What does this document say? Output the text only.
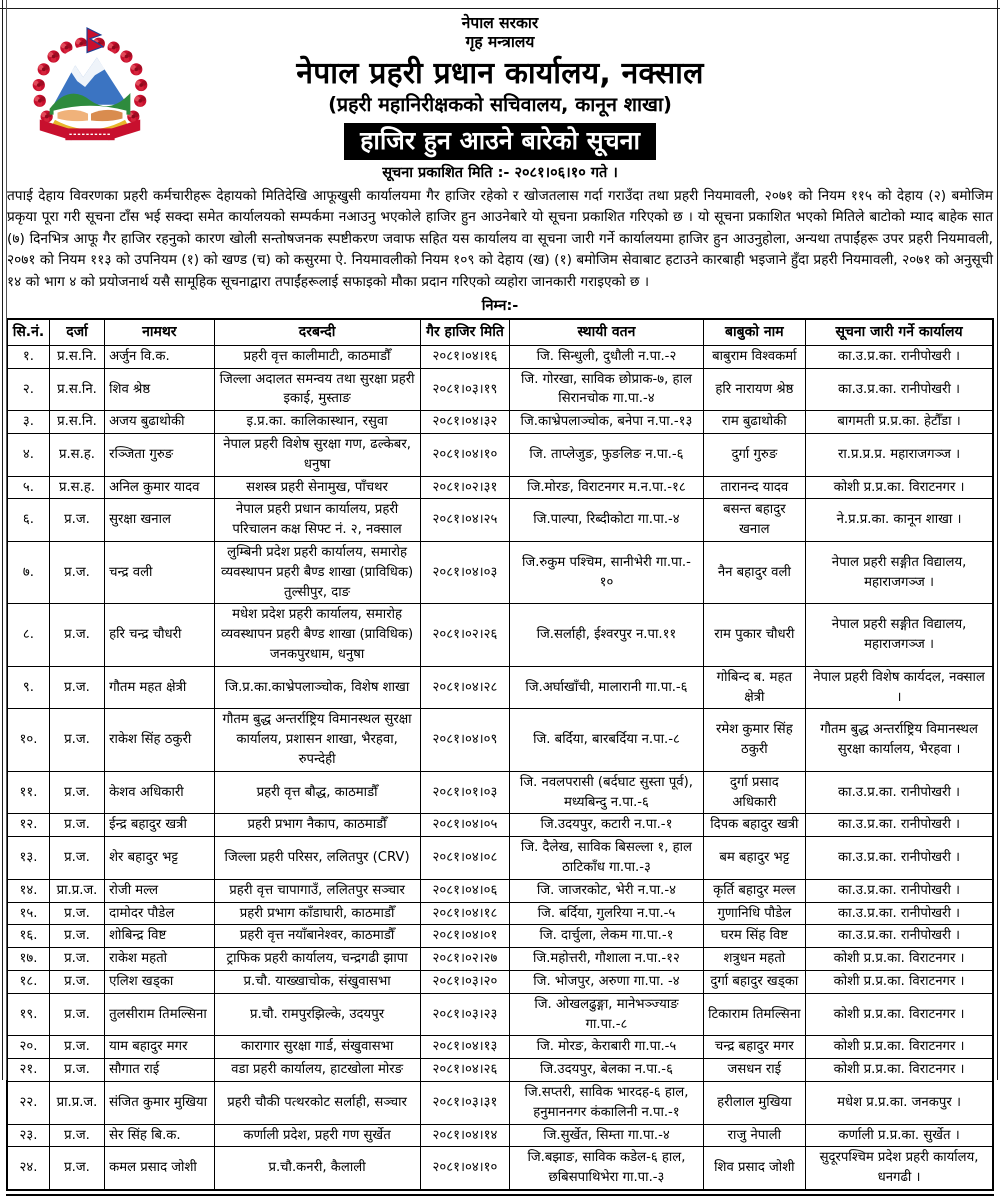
नेपाल सरकार
गृह मन्त्रालय
नेपाल प्रहरी प्रधान कार्यालय, नक्साल
(प्रहरी महानिरीक्षकको सचिवालय, कानून शाखा)
हाजिर हुन आउने बारेको सूचना
सूचना प्रकाशित मिति :- २०८१।०६।१० गते ।
तपाई देहाय विवरणका प्रहरी कर्मचारीहरू देहायको मितिदेखि आफूखुसी कार्यालयमा गैर हाजिर रहेको र खोजतलास गर्दा गराउँदा तथा प्रहरी नियमावली, २०७१ को नियम ११५ को देहाय (२) बमोजिम प्रकृया पूरा गरी सूचना टाँस भई सक्दा समेत कार्यालयको सम्पर्कमा नआउनु भएकोले हाजिर हुन आउनेबारे यो सूचना प्रकाशित गरिएको छ । यो सूचना प्रकाशित भएको मितिले बाटोको म्याद बाहेक सात (७) दिनभित्र आफू गैर हाजिर रहनुको कारण खोली सन्तोषजनक स्पष्टीकरण जवाफ सहित यस कार्यालय वा सूचना जारी गर्ने कार्यालयमा हाजिर हुन आउनुहोला, अन्यथा तपाईंहरू उपर प्रहरी नियमावली, २०७१ को नियम ११३ को उपनियम (१) को खण्ड (च) को कसुरमा ऐ. नियमावलीको नियम १०९ को देहाय (ख) (१) बमोजिम सेवाबाट हटाउने कारबाही भइजाने हुँदा प्रहरी नियमावली, २०७१ को अनुसूची १४ को भाग ४ को प्रयोजनार्थ यसै सामूहिक सूचनाद्वारा तपाईंहरूलाई सफाइको मौका प्रदान गरिएको व्यहोरा जानकारी गराइएको छ ।
निम्न:-
सि.नं.	दर्जा	नामथर	दरबन्दी	गैर हाजिर मिति	स्थायी वतन	बाबुको नाम	सूचना जारी गर्ने कार्यालय
१.	प्र.स.नि.	अर्जुन वि.क.	प्रहरी वृत्त कालीमाटी, काठमाडौँ	२०८१।०४।१६	जि. सिन्धुली, दुधौली न.पा.-२	बाबुराम विश्वकर्मा	का.उ.प्र.का. रानीपोखरी ।
२.	प्र.स.नि.	शिव श्रेष्ठ	जिल्ला अदालत समन्वय तथा सुरक्षा प्रहरी इकाई, मुस्ताङ	२०८१।०३।१९	जि. गोरखा, साविक छोप्राक-७, हाल सिरानचोक गा.पा.-४	हरि नारायण श्रेष्ठ	का.उ.प्र.का. रानीपोखरी ।
३.	प्र.स.नि.	अजय बुढाथोकी	इ.प्र.का. कालिकास्थान, रसुवा	२०८१।०४।३२	जि.काभ्रेपलाञ्चोक, बनेपा न.पा.-१३	राम बुढाथोकी	बागमती प्र.प्र.का. हेटौँडा ।
४.	प्र.स.ह.	रञ्जिता गुरुङ	नेपाल प्रहरी विशेष सुरक्षा गण, ढल्केबर, धनुषा	२०८१।०४।१०	जि. ताप्लेजुङ, फुङलिङ न.पा.-६	दुर्गा गुरुङ	रा.प्र.प्र.प्र. महाराजगञ्ज ।
५.	प्र.स.ह.	अनिल कुमार यादव	सशस्त्र प्रहरी सेनामुख, पाँचथर	२०८१।०२।३१	जि.मोरङ, विराटनगर म.न.पा.-१८	तारानन्द यादव	कोशी प्र.प्र.का. विराटनगर ।
६.	प्र.ज.	सुरक्षा खनाल	नेपाल प्रहरी प्रधान कार्यालय, प्रहरी परिचालन कक्ष सिफ्ट नं. २, नक्साल	२०८१।०४।२५	जि.पाल्पा, रिब्दीकोटा गा.पा.-४	बसन्त बहादुर खनाल	ने.प्र.प्र.का. कानून शाखा ।
७.	प्र.ज.	चन्द्र वली	लुम्बिनी प्रदेश प्रहरी कार्यालय, समारोह व्यवस्थापन प्रहरी बैण्ड शाखा (प्राविधिक) तुल्सीपुर, दाङ	२०८१।०४।०३	जि.रुकुम पश्चिम, सानीभेरी गा.पा.- १०	नैन बहादुर वली	नेपाल प्रहरी सङ्गीत विद्यालय, महाराजगञ्ज ।
८.	प्र.ज.	हरि चन्द्र चौधरी	मधेश प्रदेश प्रहरी कार्यालय, समारोह व्यवस्थापन प्रहरी बैण्ड शाखा (प्राविधिक) जनकपुरधाम, धनुषा	२०८१।०२।२६	जि.सर्लाही, ईश्वरपुर न.पा.११	राम पुकार चौधरी	नेपाल प्रहरी सङ्गीत विद्यालय, महाराजगञ्ज ।
९.	प्र.ज.	गौतम महत क्षेत्री	जि.प्र.का.काभ्रेपलाञ्चोक, विशेष शाखा	२०८१।०४।२८	जि.अर्घाखाँची, मालारानी गा.पा.-६	गोबिन्द ब. महत क्षेत्री	नेपाल प्रहरी विशेष कार्यदल, नक्साल ।
१०.	प्र.ज.	राकेश सिंह ठकुरी	गौतम बुद्ध अन्तर्राष्ट्रिय विमानस्थल सुरक्षा कार्यालय, प्रशासन शाखा, भैरहवा, रुपन्देही	२०८१।०४।०९	जि. बर्दिया, बारबर्दिया न.पा.-८	रमेश कुमार सिंह ठकुरी	गौतम बुद्ध अन्तर्राष्ट्रिय विमानस्थल सुरक्षा कार्यालय, भैरहवा ।
११.	प्र.ज.	केशव अधिकारी	प्रहरी वृत्त बौद्ध, काठमाडौँ	२०८१।०१।०३	जि. नवलपरासी (बर्दघाट सुस्ता पूर्व), मध्यबिन्दु न.पा.-६	दुर्गा प्रसाद अधिकारी	का.उ.प्र.का. रानीपोखरी ।
१२.	प्र.ज.	ईन्द्र बहादुर खत्री	प्रहरी प्रभाग नैकाप, काठमाडौँ	२०८१।०४।०५	जि.उदयपुर, कटारी न.पा.-१	दिपक बहादुर खत्री	का.उ.प्र.का. रानीपोखरी ।
१३.	प्र.ज.	शेर बहादुर भट्ट	जिल्ला प्रहरी परिसर, ललितपुर (CRV)	२०८१।०४।०८	जि. दैलेख, साविक बिसल्ला १, हाल ठाटिकाँध गा.पा.-३	बम बहादुर भट्ट	का.उ.प्र.का. रानीपोखरी ।
१४.	प्रा.प्र.ज.	रोजी मल्ल	प्रहरी वृत्त चापागाउँ, ललितपुर सञ्चार	२०८१।०४।०६	जि. जाजरकोट, भेरी न.पा.-४	कृर्ति बहादुर मल्ल	का.उ.प्र.का. रानीपोखरी ।
१५.	प्र.ज.	दामोदर पौडेल	प्रहरी प्रभाग काँडाघारी, काठमाडौँ	२०८१।०४।१८	जि. बर्दिया, गुलरिया न.पा.-५	गुणानिधि पौडेल	का.उ.प्र.का. रानीपोखरी ।
१६.	प्र.ज.	शोबिन्द्र विष्ट	प्रहरी वृत्त नयाँबानेश्वर, काठमाडौँ	२०८१।०४।०१	जि. दार्चुला, लेकम गा.पा.-१	घरम सिंह विष्ट	का.उ.प्र.का. रानीपोखरी ।
१७.	प्र.ज.	राकेश महतो	ट्राफिक प्रहरी कार्यालय, चन्द्रगढी झापा	२०८१।०२।२७	जि.महोत्तरी, गौशाला न.पा.-१२	शत्रुधन महतो	कोशी प्र.प्र.का. विराटनगर ।
१८.	प्र.ज.	एलिश खड्का	प्र.चौ. याख्खाचोक, संखुवासभा	२०८१।०३।२०	जि. भोजपुर, अरुणा गा.पा. -४	दुर्गा बहादुर खड्का	कोशी प्र.प्र.का. विराटनगर ।
१९.	प्र.ज.	तुलसीराम तिमल्सिना	प्र.चौ. रामपुरझिल्के, उदयपुर	२०८१।०३।२३	जि. ओखलढुङ्गा, मानेभञ्ज्याङ गा.पा.-८	टिकाराम तिमल्सिना	कोशी प्र.प्र.का. विराटनगर ।
२०.	प्र.ज.	याम बहादुर मगर	कारागार सुरक्षा गार्ड, संखुवासभा	२०८१।०४।१३	जि. मोरङ, केराबारी गा.पा.-५	चन्द्र बहादुर मगर	कोशी प्र.प्र.का. विराटनगर ।
२१.	प्र.ज.	सौगात राई	वडा प्रहरी कार्यालय, हाटखोला मोरङ	२०८१।०४।२६	जि.उदयपुर, बेलका न.पा.-६	जसधन राई	कोशी प्र.प्र.का. विराटनगर ।
२२.	प्रा.प्र.ज.	संजित कुमार मुखिया	प्रहरी चौकी पत्थरकोट सर्लाही, सञ्चार	२०८१।०३।३१	जि.सप्तरी, साविक भारदह-६ हाल, हनुमाननगर कंकालिनी न.पा.-१	हरीलाल मुखिया	मधेश प्र.प्र.का. जनकपुर ।
२३.	प्र.ज.	सेर सिंह बि.क.	कर्णाली प्रदेश, प्रहरी गण सुर्खेत	२०८१।०४।१४	जि.सुर्खेत, सिम्ता गा.पा.-४	राजु नेपाली	कर्णाली प्र.प्र.का. सुर्खेत ।
२४.	प्र.ज.	कमल प्रसाद जोशी	प्र.चौ.कनरी, कैलाली	२०८१।०४।१०	जि.बझाङ, साविक कडेल-६ हाल, छबिसपाथिभेरा गा.पा.-३	शिव प्रसाद जोशी	सुदूरपश्चिम प्रदेश प्रहरी कार्यालय, धनगढी ।
